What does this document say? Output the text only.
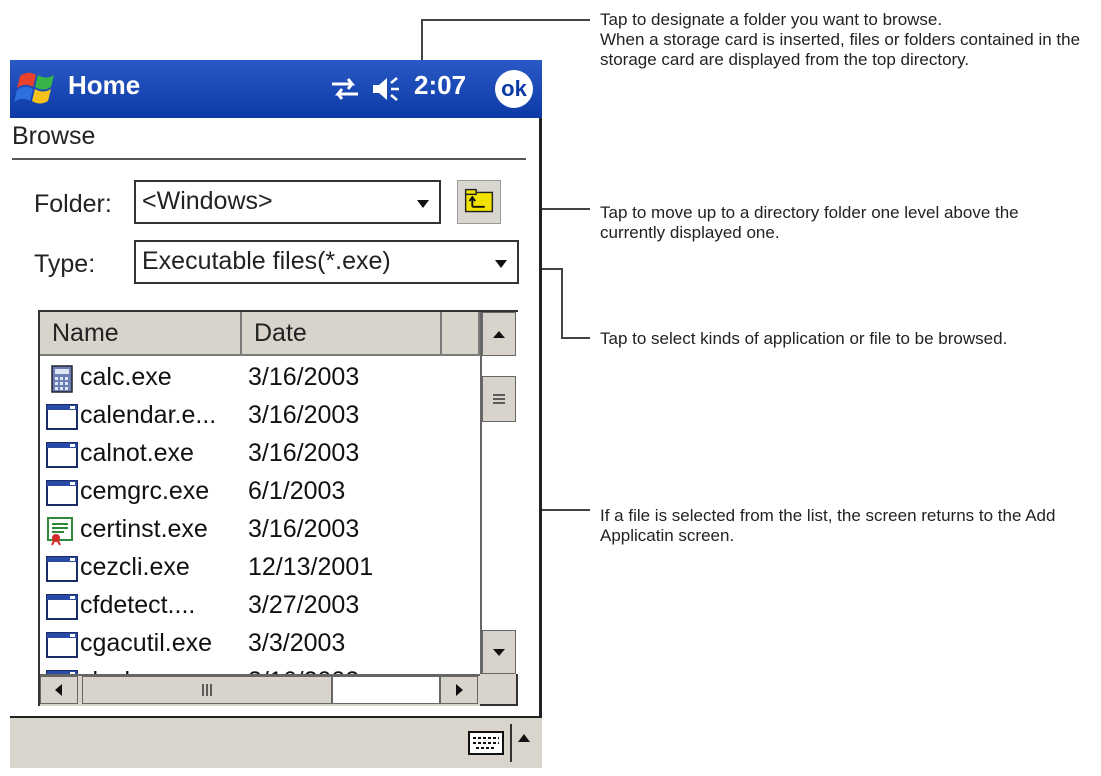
Tap to designate a folder you want to browse.
When a storage card is inserted, files or folders contained in the storage card are displayed from the top directory.
Tap to move up to a directory folder one level above the currently displayed one.
Tap to select kinds of application or file to be browsed.
If a file is selected from the list, the screen returns to the Add Applicatin screen.
Home	2:07 ok
Browse
Folder: <Windows>
Type: Executable files(*.exe)
Name	Date
calc.exe	3/16/2003
calendar.e... 3/16/2003
calnot.exe 3/16/2003
cemgrc.exe 6/1/2003
certinst.exe 3/16/2003
cezcli.exe 12/13/2001
cfdetect.... 3/27/2003
cgacutil.exe 3/3/2003
